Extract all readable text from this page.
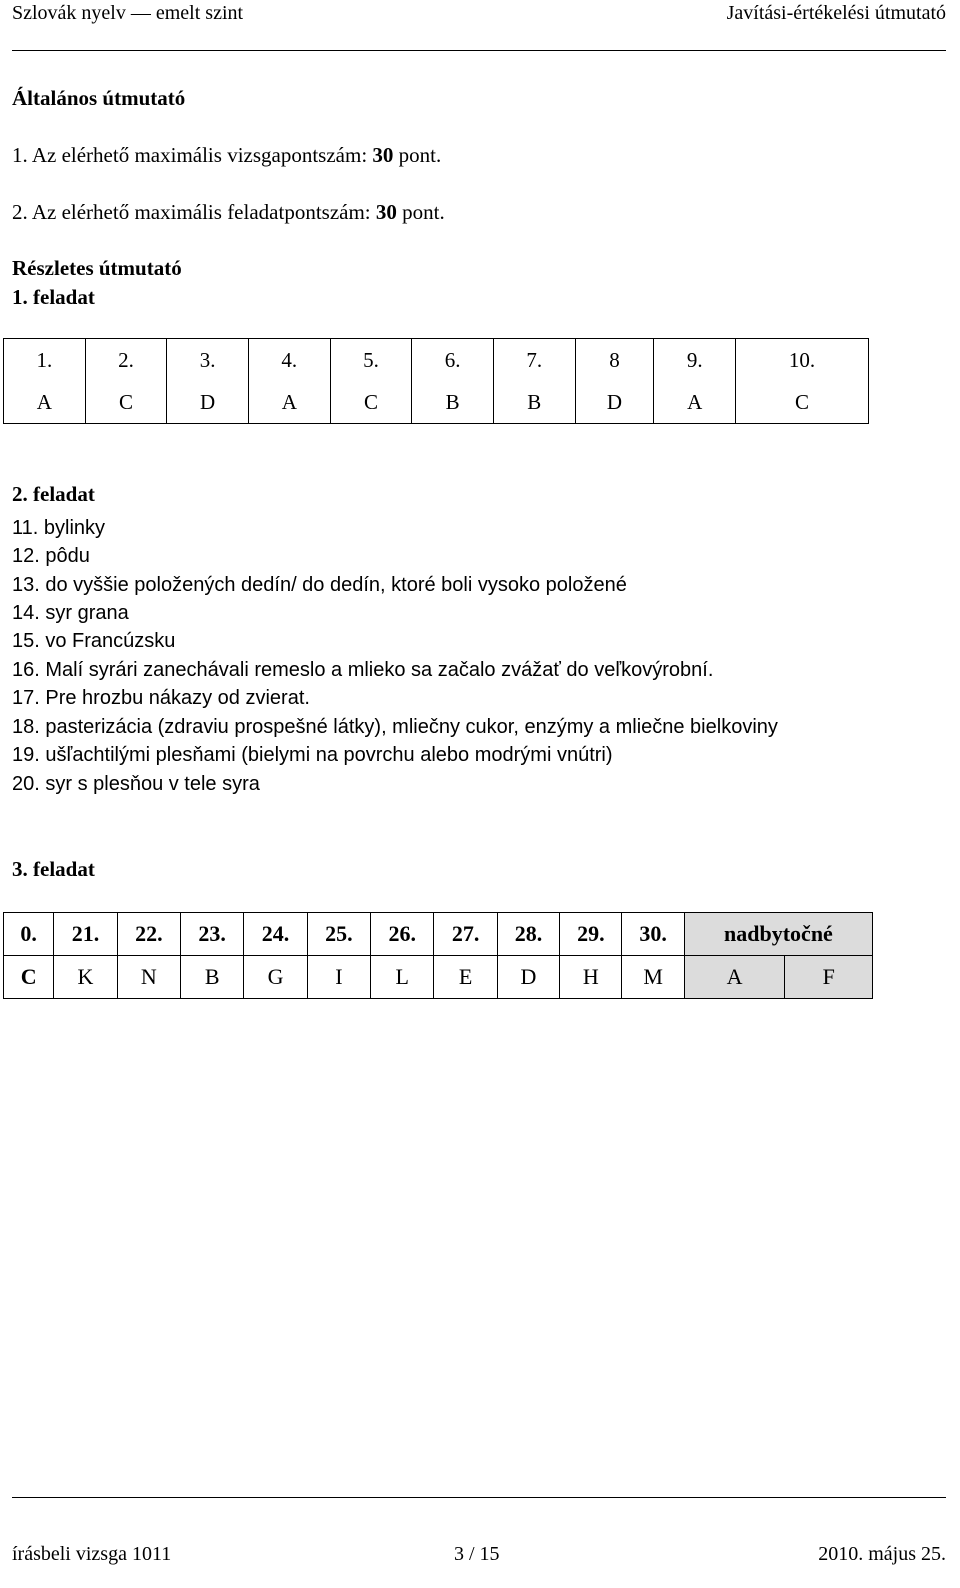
Szlovák nyelv — emelt szint	Javítási-értékelési útmutató
Általános útmutató
1. Az elérhető maximális vizsgapontszám: 30 pont.
2. Az elérhető maximális feladatpontszám: 30 pont.
Részletes útmutató
1. feladat
1.	2.	3.	4.	5.	6.	7.	8	9.	10.
A	C	D	A	C	B	B	D	A	C
2. feladat
11. bylinky
12. pôdu
13. do vyššie položených dedín/ do dedín, ktoré boli vysoko položené
14. syr grana
15. vo Francúzsku
16. Malí syrári zanechávali remeslo a mlieko sa začalo zvážať do veľkovýrobní.
17. Pre hrozbu nákazy od zvierat.
18. pasterizácia (zdraviu prospešné látky), mliečny cukor, enzýmy a mliečne bielkoviny
19. ušľachtilými plesňami (bielymi na povrchu alebo modrými vnútri)
20. syr s plesňou v tele syra
3. feladat
0.	21.	22.	23.	24.	25.	26.	27.	28.	29.	30.	nadbytočné	
C	K	N	B	G	I	L	E	D	H	M	A	F
írásbeli vizsga 1011	3 / 15	2010. május 25.
